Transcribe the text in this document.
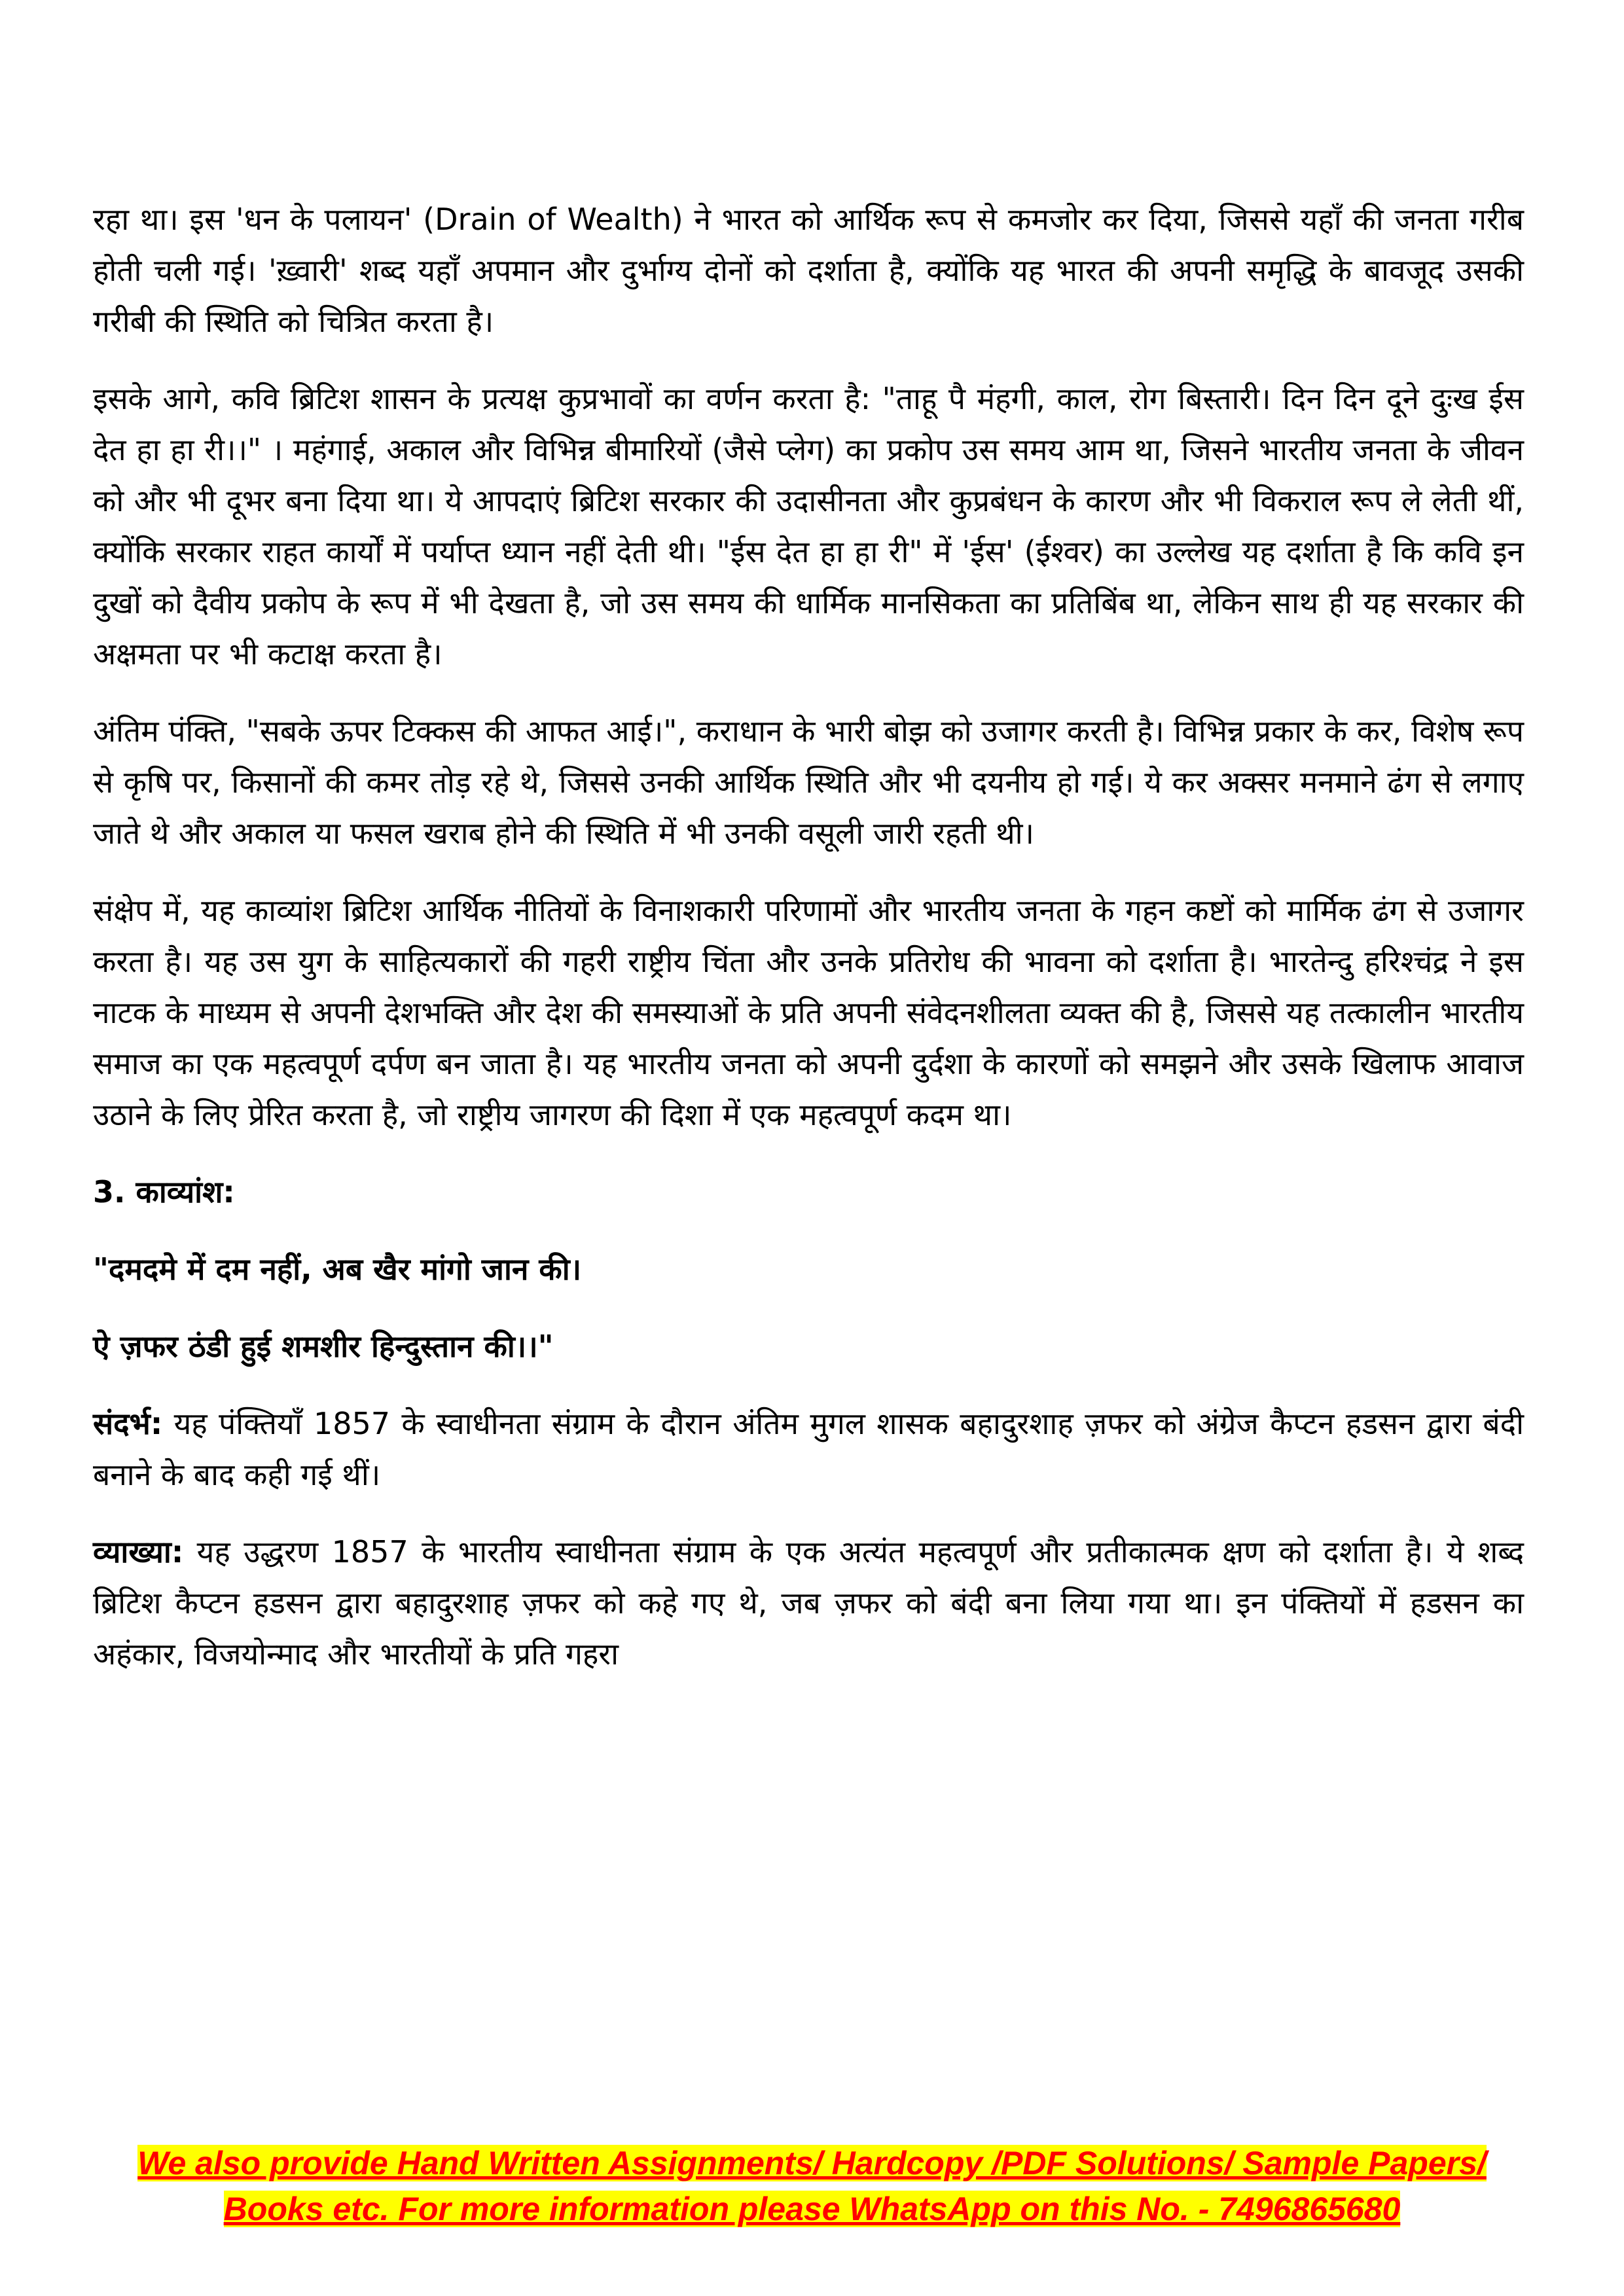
रहा था। इस 'धन के पलायन' (Drain of Wealth) ने भारत को आर्थिक रूप से कमजोर कर दिया, जिससे यहाँ की जनता गरीब होती चली गई। 'ख़्वारी' शब्द यहाँ अपमान और दुर्भाग्य दोनों को दर्शाता है, क्योंकि यह भारत की अपनी समृद्धि के बावजूद उसकी गरीबी की स्थिति को चित्रित करता है।

इसके आगे, कवि ब्रिटिश शासन के प्रत्यक्ष कुप्रभावों का वर्णन करता है: "ताहू पै मंहगी, काल, रोग बिस्तारी। दिन दिन दूने दुःख ईस देत हा हा री।।" । महंगाई, अकाल और विभिन्न बीमारियों (जैसे प्लेग) का प्रकोप उस समय आम था, जिसने भारतीय जनता के जीवन को और भी दूभर बना दिया था। ये आपदाएं ब्रिटिश सरकार की उदासीनता और कुप्रबंधन के कारण और भी विकराल रूप ले लेती थीं, क्योंकि सरकार राहत कार्यों में पर्याप्त ध्यान नहीं देती थी। "ईस देत हा हा री" में 'ईस' (ईश्वर) का उल्लेख यह दर्शाता है कि कवि इन दुखों को दैवीय प्रकोप के रूप में भी देखता है, जो उस समय की धार्मिक मानसिकता का प्रतिबिंब था, लेकिन साथ ही यह सरकार की अक्षमता पर भी कटाक्ष करता है।

अंतिम पंक्ति, "सबके ऊपर टिक्कस की आफत आई।", कराधान के भारी बोझ को उजागर करती है। विभिन्न प्रकार के कर, विशेष रूप से कृषि पर, किसानों की कमर तोड़ रहे थे, जिससे उनकी आर्थिक स्थिति और भी दयनीय हो गई। ये कर अक्सर मनमाने ढंग से लगाए जाते थे और अकाल या फसल खराब होने की स्थिति में भी उनकी वसूली जारी रहती थी।

संक्षेप में, यह काव्यांश ब्रिटिश आर्थिक नीतियों के विनाशकारी परिणामों और भारतीय जनता के गहन कष्टों को मार्मिक ढंग से उजागर करता है। यह उस युग के साहित्यकारों की गहरी राष्ट्रीय चिंता और उनके प्रतिरोध की भावना को दर्शाता है। भारतेन्दु हरिश्चंद्र ने इस नाटक के माध्यम से अपनी देशभक्ति और देश की समस्याओं के प्रति अपनी संवेदनशीलता व्यक्त की है, जिससे यह तत्कालीन भारतीय समाज का एक महत्वपूर्ण दर्पण बन जाता है। यह भारतीय जनता को अपनी दुर्दशा के कारणों को समझने और उसके खिलाफ आवाज उठाने के लिए प्रेरित करता है, जो राष्ट्रीय जागरण की दिशा में एक महत्वपूर्ण कदम था।

3. काव्यांश:

"दमदमे में दम नहीं, अब खैर मांगो जान की।

ऐ ज़फर ठंडी हुई शमशीर हिन्दुस्तान की।।"

संदर्भ: यह पंक्तियाँ 1857 के स्वाधीनता संग्राम के दौरान अंतिम मुगल शासक बहादुरशाह ज़फर को अंग्रेज कैप्टन हडसन द्वारा बंदी बनाने के बाद कही गई थीं।

व्याख्या: यह उद्धरण 1857 के भारतीय स्वाधीनता संग्राम के एक अत्यंत महत्वपूर्ण और प्रतीकात्मक क्षण को दर्शाता है। ये शब्द ब्रिटिश कैप्टन हडसन द्वारा बहादुरशाह ज़फर को कहे गए थे, जब ज़फर को बंदी बना लिया गया था। इन पंक्तियों में हडसन का अहंकार, विजयोन्माद और भारतीयों के प्रति गहरा

We also provide Hand Written Assignments/ Hardcopy /PDF Solutions/ Sample Papers/
Books etc. For more information please WhatsApp on this No. - 7496865680
